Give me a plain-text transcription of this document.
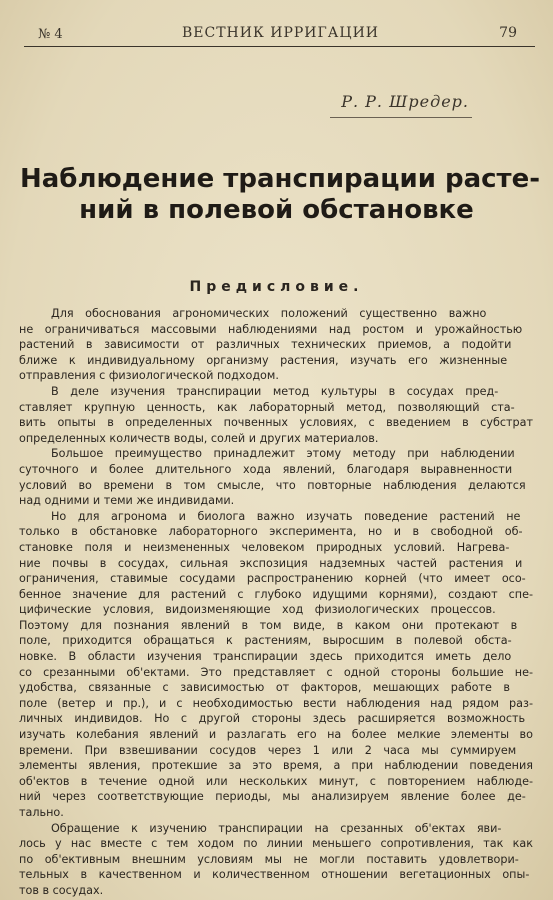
№ 4	ВЕСТНИК ИРРИГАЦИИ	79
Р. Р. Шредер.
Наблюдение транспирации расте-
ний в полевой обстановке
Предисловие.

Для обоснования агрономических положений существенно важно
не ограничиваться массовыми наблюдениями над ростом и урожайностью
растений в зависимости от различных технических приемов, а подойти
ближе к индивидуальному организму растения, изучать его жизненные
отправления с физиологической подходом.

В деле изучения транспирации метод культуры в сосудах пред-
ставляет крупную ценность, как лабораторный метод, позволяющий ста-
вить опыты в определенных почвенных условиях, с введением в субстрат
определенных количеств воды, солей и других материалов.

Большое преимущество принадлежит этому методу при наблюдении
суточного и более длительного хода явлений, благодаря выравненности
условий во времени в том смысле, что повторные наблюдения делаются
над одними и теми же индивидами.

Но для агронома и биолога важно изучать поведение растений не
только в обстановке лабораторного эксперимента, но и в свободной об-
становке поля и неизмененных человеком природных условий. Нагрева-
ние почвы в сосудах, сильная экспозиция надземных частей растения и
ограничения, ставимые сосудами распространению корней (что имеет осо-
бенное значение для растений с глубоко идущими корнями), создают спе-
цифические условия, видоизменяющие ход физиологических процессов.
Поэтому для познания явлений в том виде, в каком они протекают в
поле, приходится обращаться к растениям, выросшим в полевой обста-
новке. В области изучения транспирации здесь приходится иметь дело
со срезанными об'ектами. Это представляет с одной стороны большие не-
удобства, связанные с зависимостью от факторов, мешающих работе в
поле (ветер и пр.), и с необходимостью вести наблюдения над рядом раз-
личных индивидов. Но с другой стороны здесь расширяется возможность
изучать колебания явлений и разлагать его на более мелкие элементы во
времени. При взвешивании сосудов через 1 или 2 часа мы суммируем
элементы явления, протекшие за это время, а при наблюдении поведения
об'ектов в течение одной или нескольких минут, с повторением наблюде-
ний через соответствующие периоды, мы анализируем явление более де-
тально.

Обращение к изучению транспирации на срезанных об'ектах яви-
лось у нас вместе с тем ходом по линии меньшего сопротивления, так как
по об'ективным внешним условиям мы не могли поставить удовлетвори-
тельных в качественном и количественном отношении вегетационных опы-
тов в сосудах.
